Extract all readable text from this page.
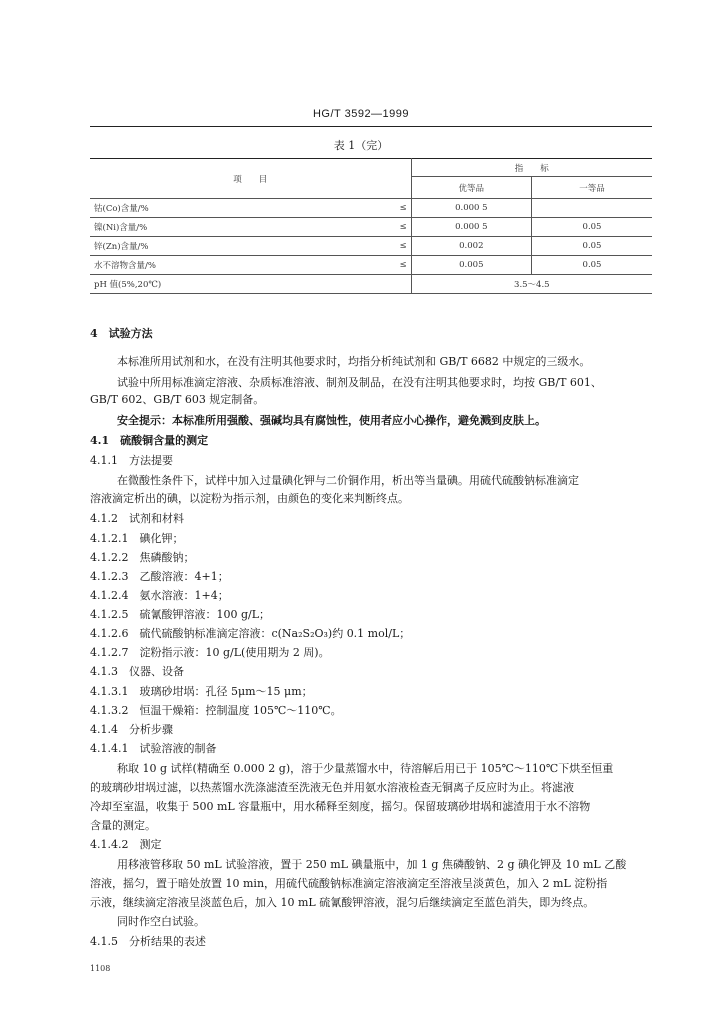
HG/T 3592—1999
表 1（完）
项　　目		指　　标	
		优等品	一等品
钴(Co)含量/%	≤	0.000 5	
镍(Ni)含量/%	≤	0.000 5	0.05
锌(Zn)含量/%	≤	0.002	0.05
水不溶物含量/%	≤	0.005	0.05
pH 值(5%,20℃)		3.5～4.5	
4　试验方法
本标准所用试剂和水，在没有注明其他要求时，均指分析纯试剂和 GB/T 6682 中规定的三级水。
试验中所用标准滴定溶液、杂质标准溶液、制剂及制品，在没有注明其他要求时，均按 GB/T 601、
GB/T 602、GB/T 603 规定制备。
安全提示：本标准所用强酸、强碱均具有腐蚀性，使用者应小心操作，避免溅到皮肤上。
4.1　硫酸铜含量的测定
4.1.1　方法提要
在微酸性条件下，试样中加入过量碘化钾与二价铜作用，析出等当量碘。用硫代硫酸钠标准滴定
溶液滴定析出的碘，以淀粉为指示剂，由颜色的变化来判断终点。
4.1.2　试剂和材料
4.1.2.1　碘化钾；
4.1.2.2　焦磷酸钠；
4.1.2.3　乙酸溶液：4+1；
4.1.2.4　氨水溶液：1+4；
4.1.2.5　硫氰酸钾溶液：100 g/L；
4.1.2.6　硫代硫酸钠标准滴定溶液：c(Na₂S₂O₃)约 0.1 mol/L；
4.1.2.7　淀粉指示液：10 g/L(使用期为 2 周)。
4.1.3　仪器、设备
4.1.3.1　玻璃砂坩埚：孔径 5μm～15 μm；
4.1.3.2　恒温干燥箱：控制温度 105℃～110℃。
4.1.4　分析步骤
4.1.4.1　试验溶液的制备
称取 10 g 试样(精确至 0.000 2 g)，溶于少量蒸馏水中，待溶解后用已于 105℃～110℃下烘至恒重
的玻璃砂坩埚过滤，以热蒸馏水洗涤滤渣至洗液无色并用氨水溶液检查无铜离子反应时为止。将滤液
冷却至室温，收集于 500 mL 容量瓶中，用水稀释至刻度，摇匀。保留玻璃砂坩埚和滤渣用于水不溶物
含量的测定。
4.1.4.2　测定
用移液管移取 50 mL 试验溶液，置于 250 mL 碘量瓶中，加 1 g 焦磷酸钠、2 g 碘化钾及 10 mL 乙酸
溶液，摇匀，置于暗处放置 10 min，用硫代硫酸钠标准滴定溶液滴定至溶液呈淡黄色，加入 2 mL 淀粉指
示液，继续滴定溶液呈淡蓝色后，加入 10 mL 硫氰酸钾溶液，混匀后继续滴定至蓝色消失，即为终点。
同时作空白试验。
4.1.5　分析结果的表述
1108
